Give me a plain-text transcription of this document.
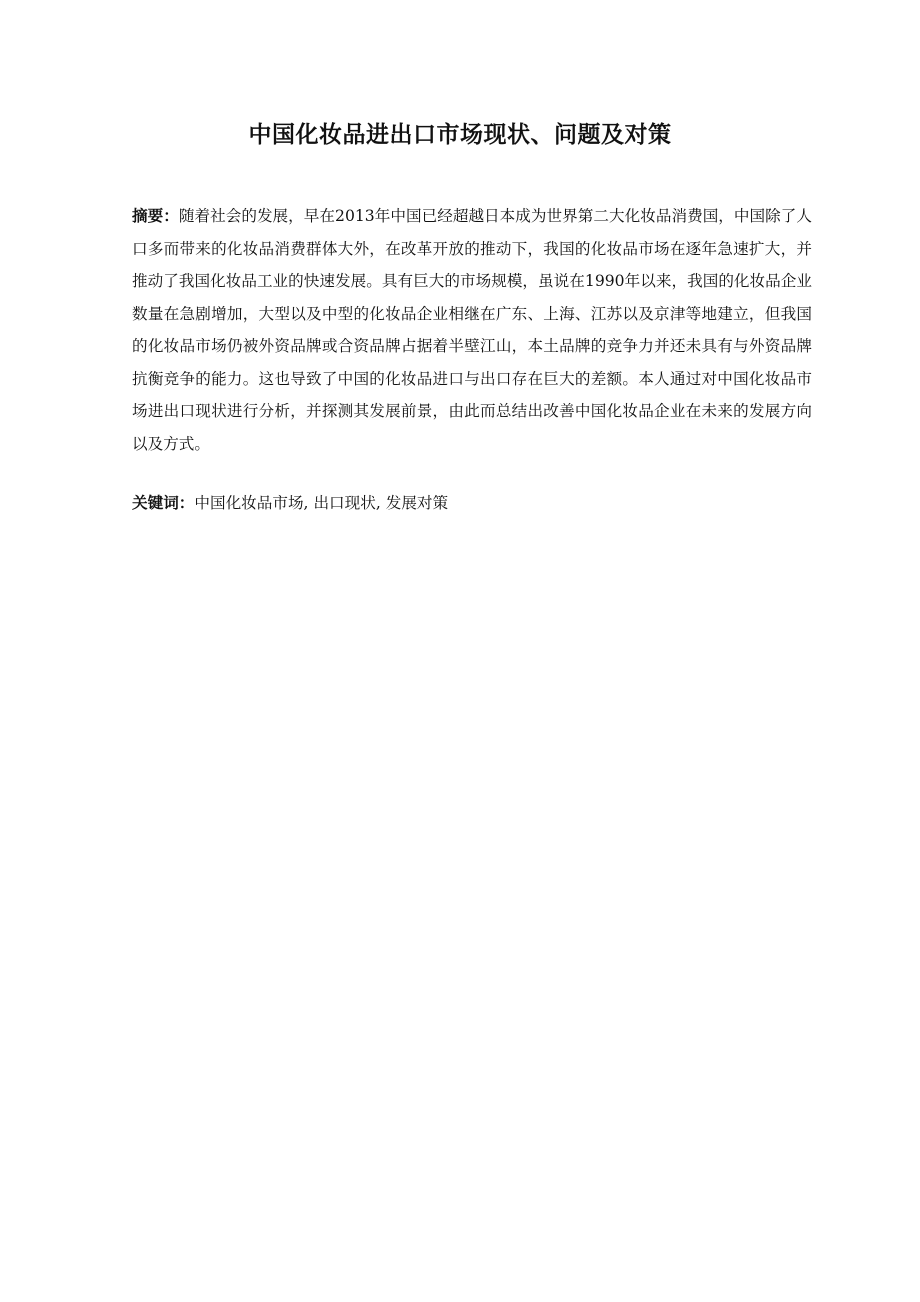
中国化妆品进出口市场现状、问题及对策
摘要：随着社会的发展，早在2013年中国已经超越日本成为世界第二大化妆品消费国，中国除了人口多而带来的化妆品消费群体大外，在改革开放的推动下，我国的化妆品市场在逐年急速扩大，并推动了我国化妆品工业的快速发展。具有巨大的市场规模，虽说在1990年以来，我国的化妆品企业数量在急剧增加，大型以及中型的化妆品企业相继在广东、上海、江苏以及京津等地建立，但我国的化妆品市场仍被外资品牌或合资品牌占据着半壁江山，本土品牌的竞争力并还未具有与外资品牌抗衡竞争的能力。这也导致了中国的化妆品进口与出口存在巨大的差额。本人通过对中国化妆品市场进出口现状进行分析，并探测其发展前景，由此而总结出改善中国化妆品企业在未来的发展方向以及方式。
关键词：中国化妆品市场, 出口现状, 发展对策
